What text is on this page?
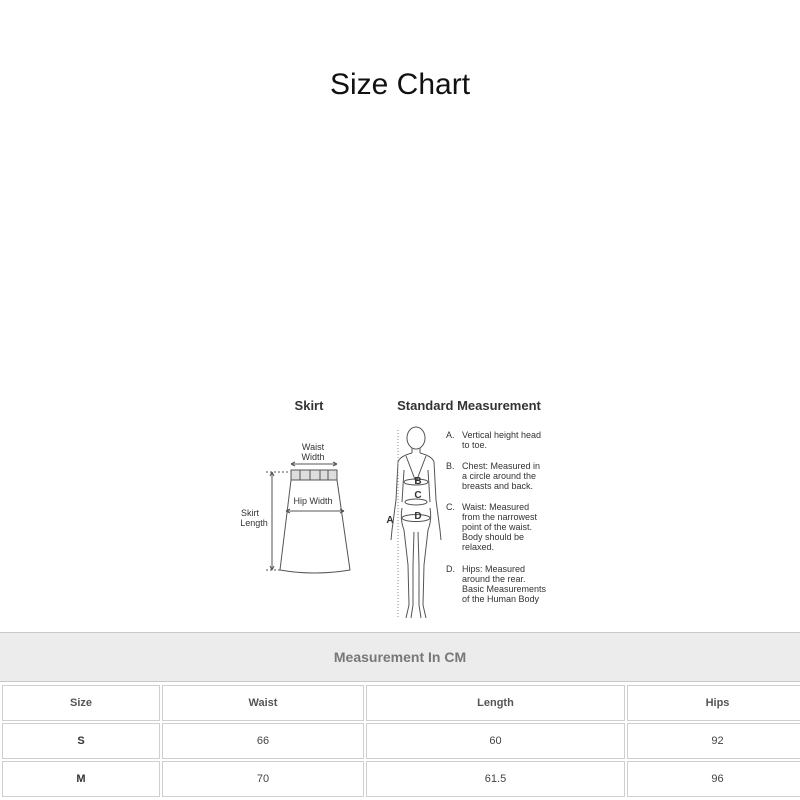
Size Chart
Skirt
Waist
Width
Hip Width
Skirt
Length
Standard Measurement
A
B
C
D
A. Vertical height head
to toe.
B. Chest: Measured in
a circle around the
breasts and back.
C. Waist: Measured
from the narrowest
point of the waist.
Body should be
relaxed.
D. Hips: Measured
around the rear.
Basic Measurements
of the Human Body
Measurement In CM
Size	Waist	Length	Hips
S	66	60	92
M	70	61.5	96
